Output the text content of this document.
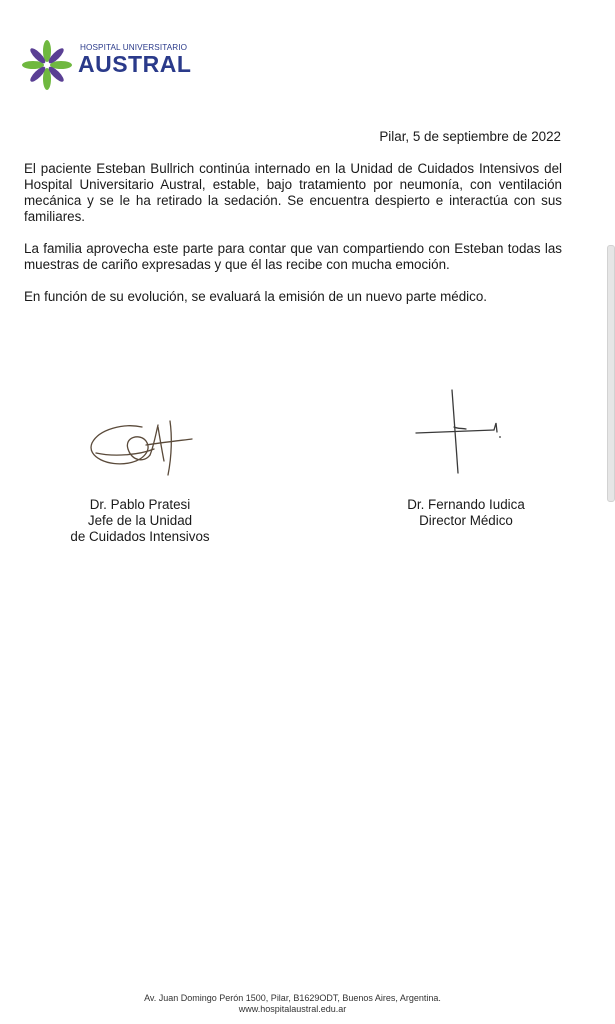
HOSPITAL UNIVERSITARIO
AUSTRAL
Pilar, 5 de septiembre de 2022

El paciente Esteban Bullrich continúa internado en la Unidad de Cuidados Intensivos del Hospital Universitario Austral, estable, bajo tratamiento por neumonía, con ventilación mecánica y se le ha retirado la sedación. Se encuentra despierto e interactúa con sus familiares.

La familia aprovecha este parte para contar que van compartiendo con Esteban todas las muestras de cariño expresadas y que él las recibe con mucha emoción.

En función de su evolución, se evaluará la emisión de un nuevo parte médico.

Dr. Pablo Pratesi
Jefe de la Unidad
de Cuidados Intensivos
Dr. Fernando Iudica
Director Médico
Av. Juan Domingo Perón 1500, Pilar, B1629ODT, Buenos Aires, Argentina.
www.hospitalaustral.edu.ar
